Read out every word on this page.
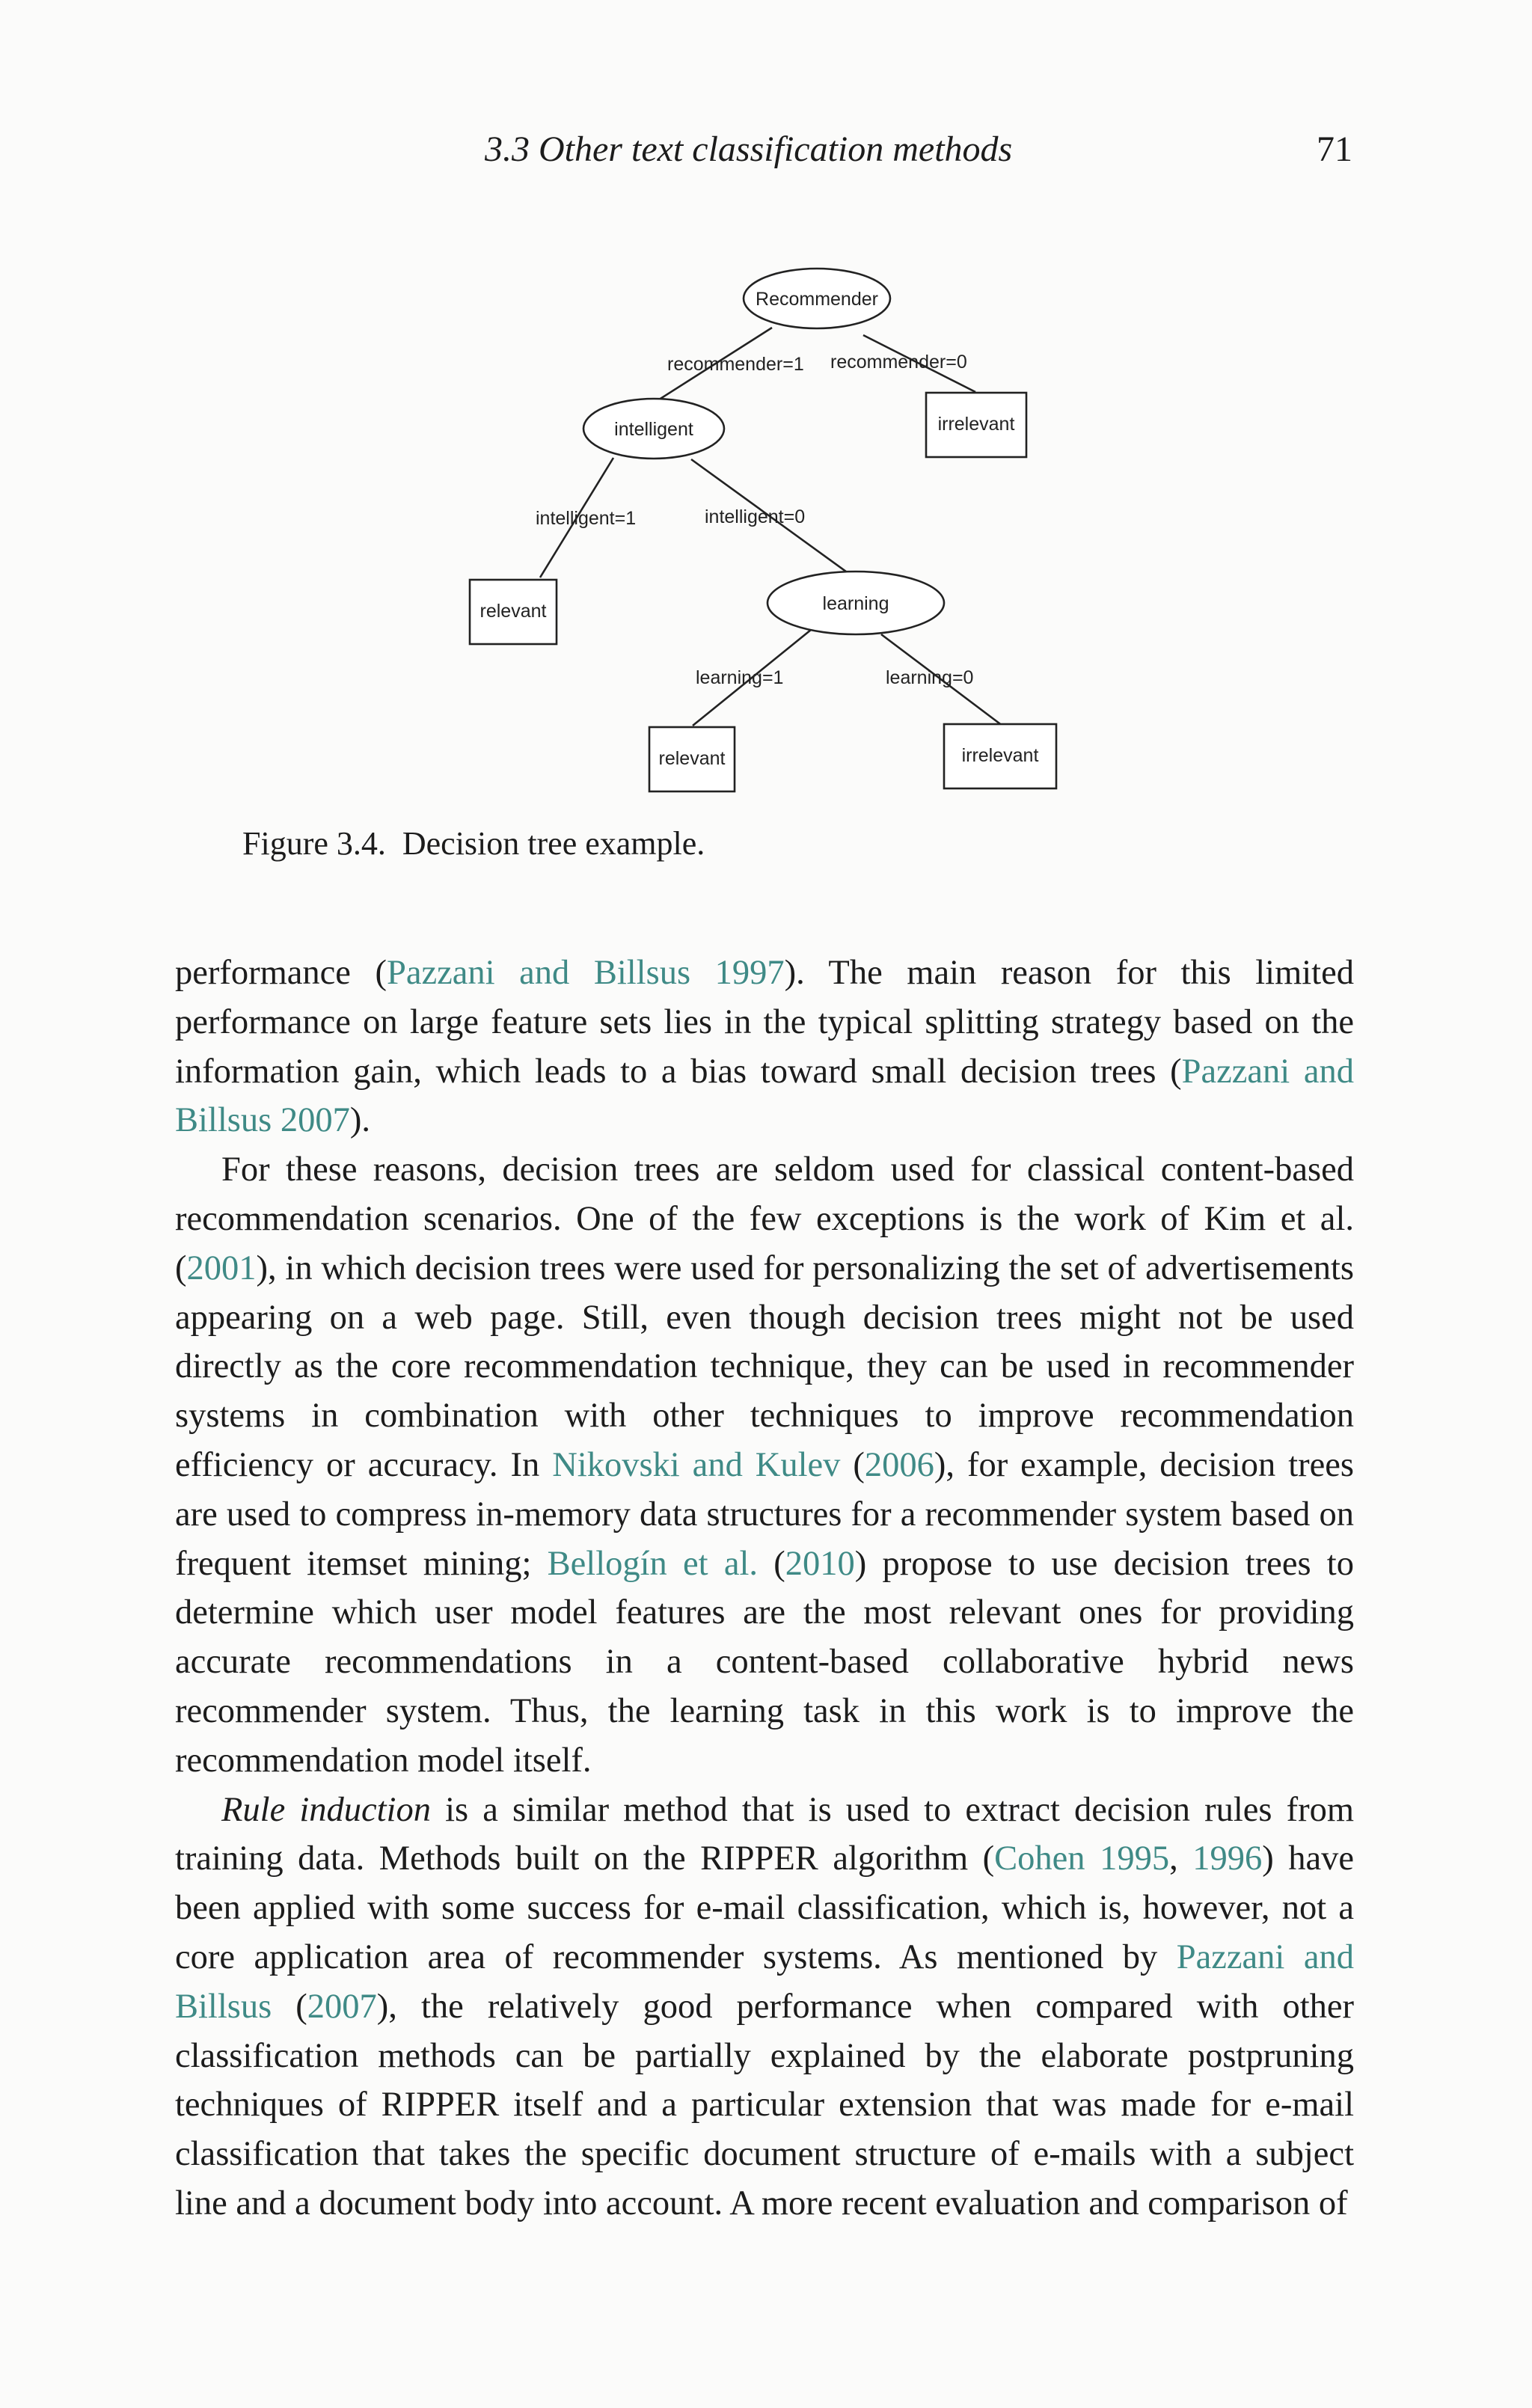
3.3 Other text classification methods	71
Recommender
intelligent	irrelevant
relevant	learning
relevant	irrelevant
recommender=1 recommender=0
intelligent=1	intelligent=0
learning=1	learning=0
Figure 3.4.  Decision tree example.

performance (Pazzani and Billsus 1997). The main reason for this limited performance on large feature sets lies in the typical splitting strategy based on the information gain, which leads to a bias toward small decision trees (Pazzani and Billsus 2007).

For these reasons, decision trees are seldom used for classical content-based recommendation scenarios. One of the few exceptions is the work of Kim et al. (2001), in which decision trees were used for personalizing the set of advertisements appearing on a web page. Still, even though decision trees might not be used directly as the core recommendation technique, they can be used in recommender systems in combination with other techniques to improve recommendation efficiency or accuracy. In Nikovski and Kulev (2006), for example, decision trees are used to compress in-memory data structures for a recommender system based on frequent itemset mining; Bellogín et al. (2010) propose to use decision trees to determine which user model features are the most relevant ones for providing accurate recommendations in a content-based collaborative hybrid news recommender system. Thus, the learning task in this work is to improve the recommendation model itself.

Rule induction is a similar method that is used to extract decision rules from training data. Methods built on the RIPPER algorithm (Cohen 1995, 1996) have been applied with some success for e-mail classification, which is, however, not a core application area of recommender systems. As mentioned by Pazzani and Billsus (2007), the relatively good performance when compared with other classification methods can be partially explained by the elaborate postpruning techniques of RIPPER itself and a particular extension that was made for e-mail classification that takes the specific document structure of e-mails with a subject line and a document body into account. A more recent evaluation and comparison of
